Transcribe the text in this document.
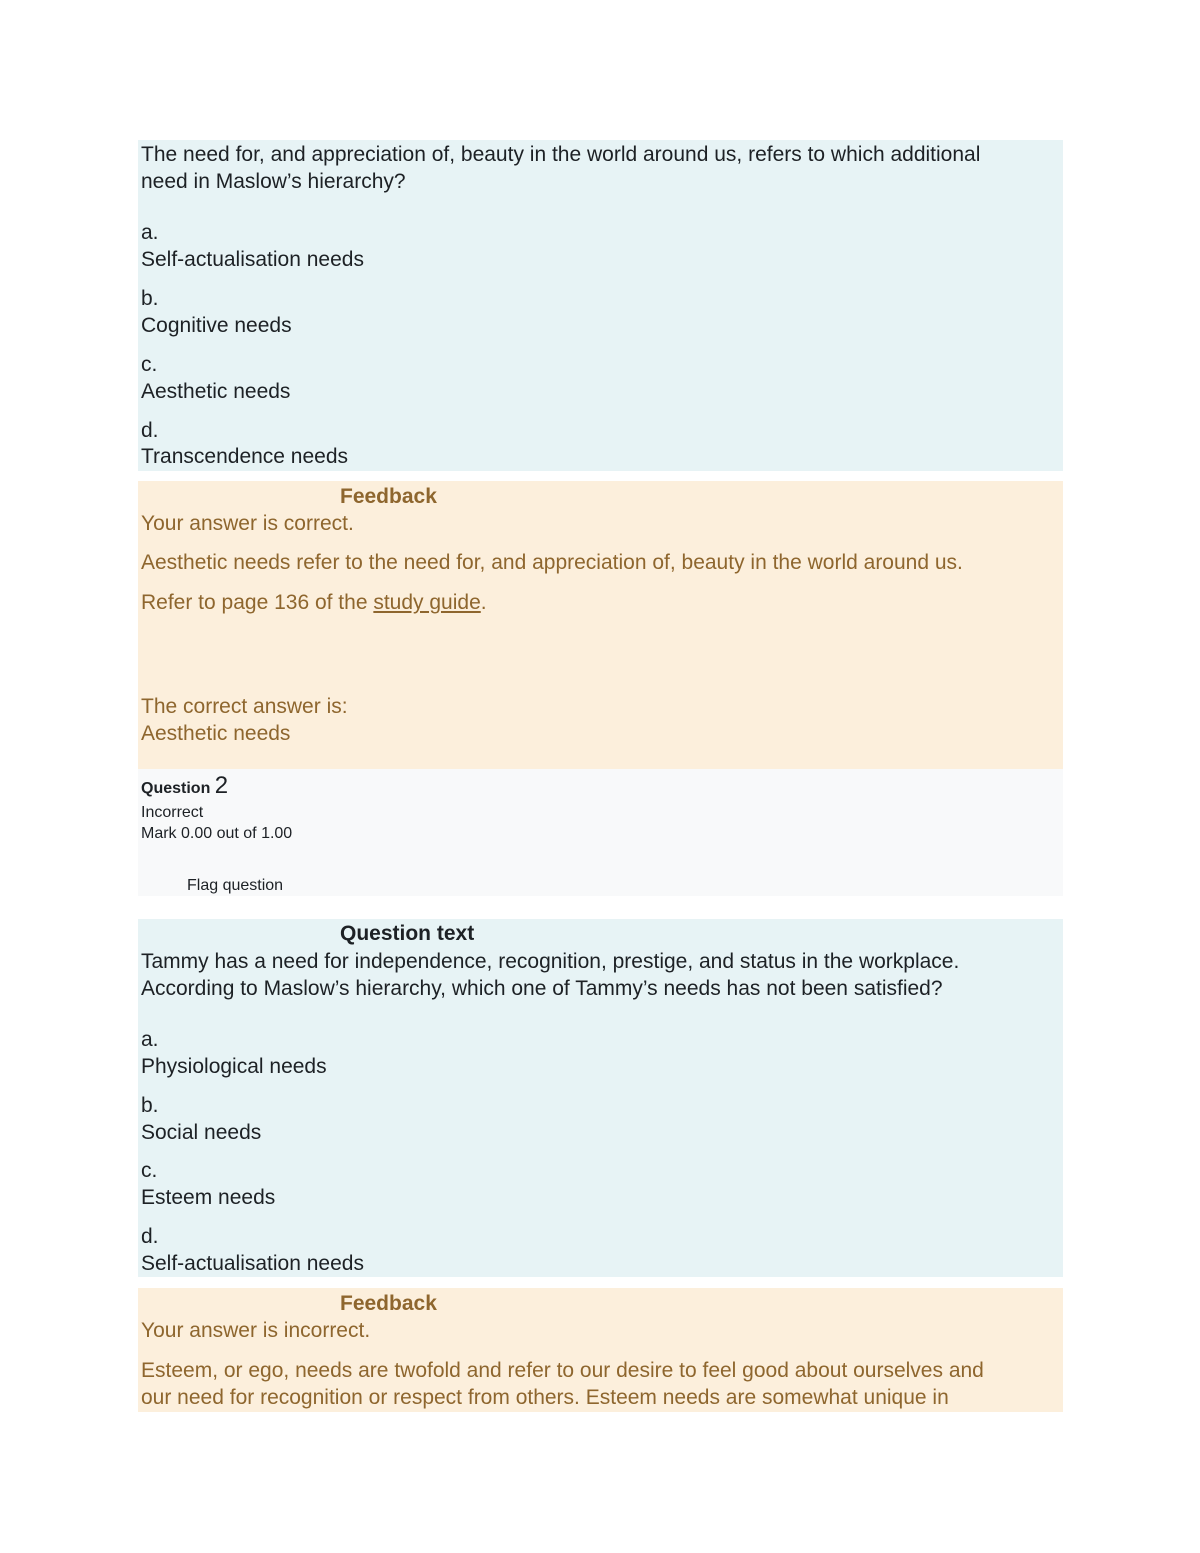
The need for, and appreciation of, beauty in the world around us, refers to which additional
need in Maslow’s hierarchy?
a.
Self-actualisation needs
b.
Cognitive needs
c.
Aesthetic needs
d.
Transcendence needs
Feedback
Your answer is correct.
Aesthetic needs refer to the need for, and appreciation of, beauty in the world around us.
Refer to page 136 of the study guide.
The correct answer is:
Aesthetic needs
Question 2
Incorrect
Mark 0.00 out of 1.00
Flag question
Question text
Tammy has a need for independence, recognition, prestige, and status in the workplace.
According to Maslow’s hierarchy, which one of Tammy’s needs has not been satisfied?
a.
Physiological needs
b.
Social needs
c.
Esteem needs
d.
Self-actualisation needs
Feedback
Your answer is incorrect.
Esteem, or ego, needs are twofold and refer to our desire to feel good about ourselves and
our need for recognition or respect from others. Esteem needs are somewhat unique in
